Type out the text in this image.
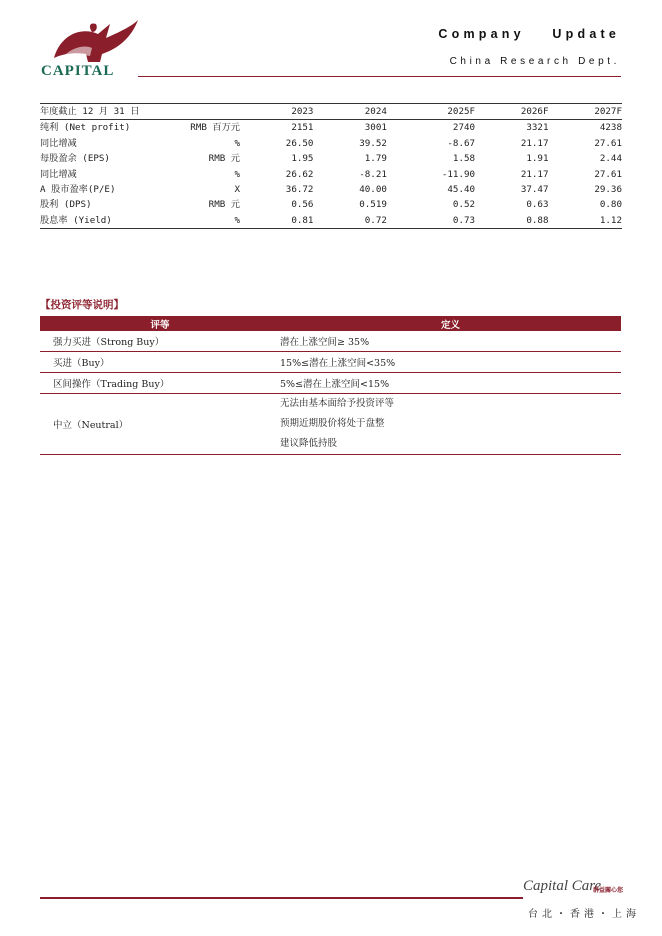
CAPITAL
Company Update
China Research Dept.
年度截止 12 月 31 日		2023	2024	2025F	2026F	2027F
纯利 (Net profit)	RMB 百万元	2151	3001	2740	3321	4238
同比增减	%	26.50	39.52	-8.67	21.17	27.61
每股盈余 (EPS)	RMB 元	1.95	1.79	1.58	1.91	2.44
同比增减	%	26.62	-8.21	-11.90	21.17	27.61
A 股市盈率(P/E)	X	36.72	40.00	45.40	37.47	29.36
股利 (DPS)	RMB 元	0.56	0.519	0.52	0.63	0.80
股息率 (Yield)	%	0.81	0.72	0.73	0.88	1.12
【投资评等说明】
评等	定义
强力买进（Strong Buy）	潜在上涨空间≥ 35%
买进（Buy）	15%≤潜在上涨空间<35%
区间操作（Trading Buy）	5%≤潜在上涨空间<15%
中立（Neutral）	无法由基本面给予投资评等
预期近期股价将处于盘整
建议降低持股
Capital Care
群益關心您
台北・香港・上海
